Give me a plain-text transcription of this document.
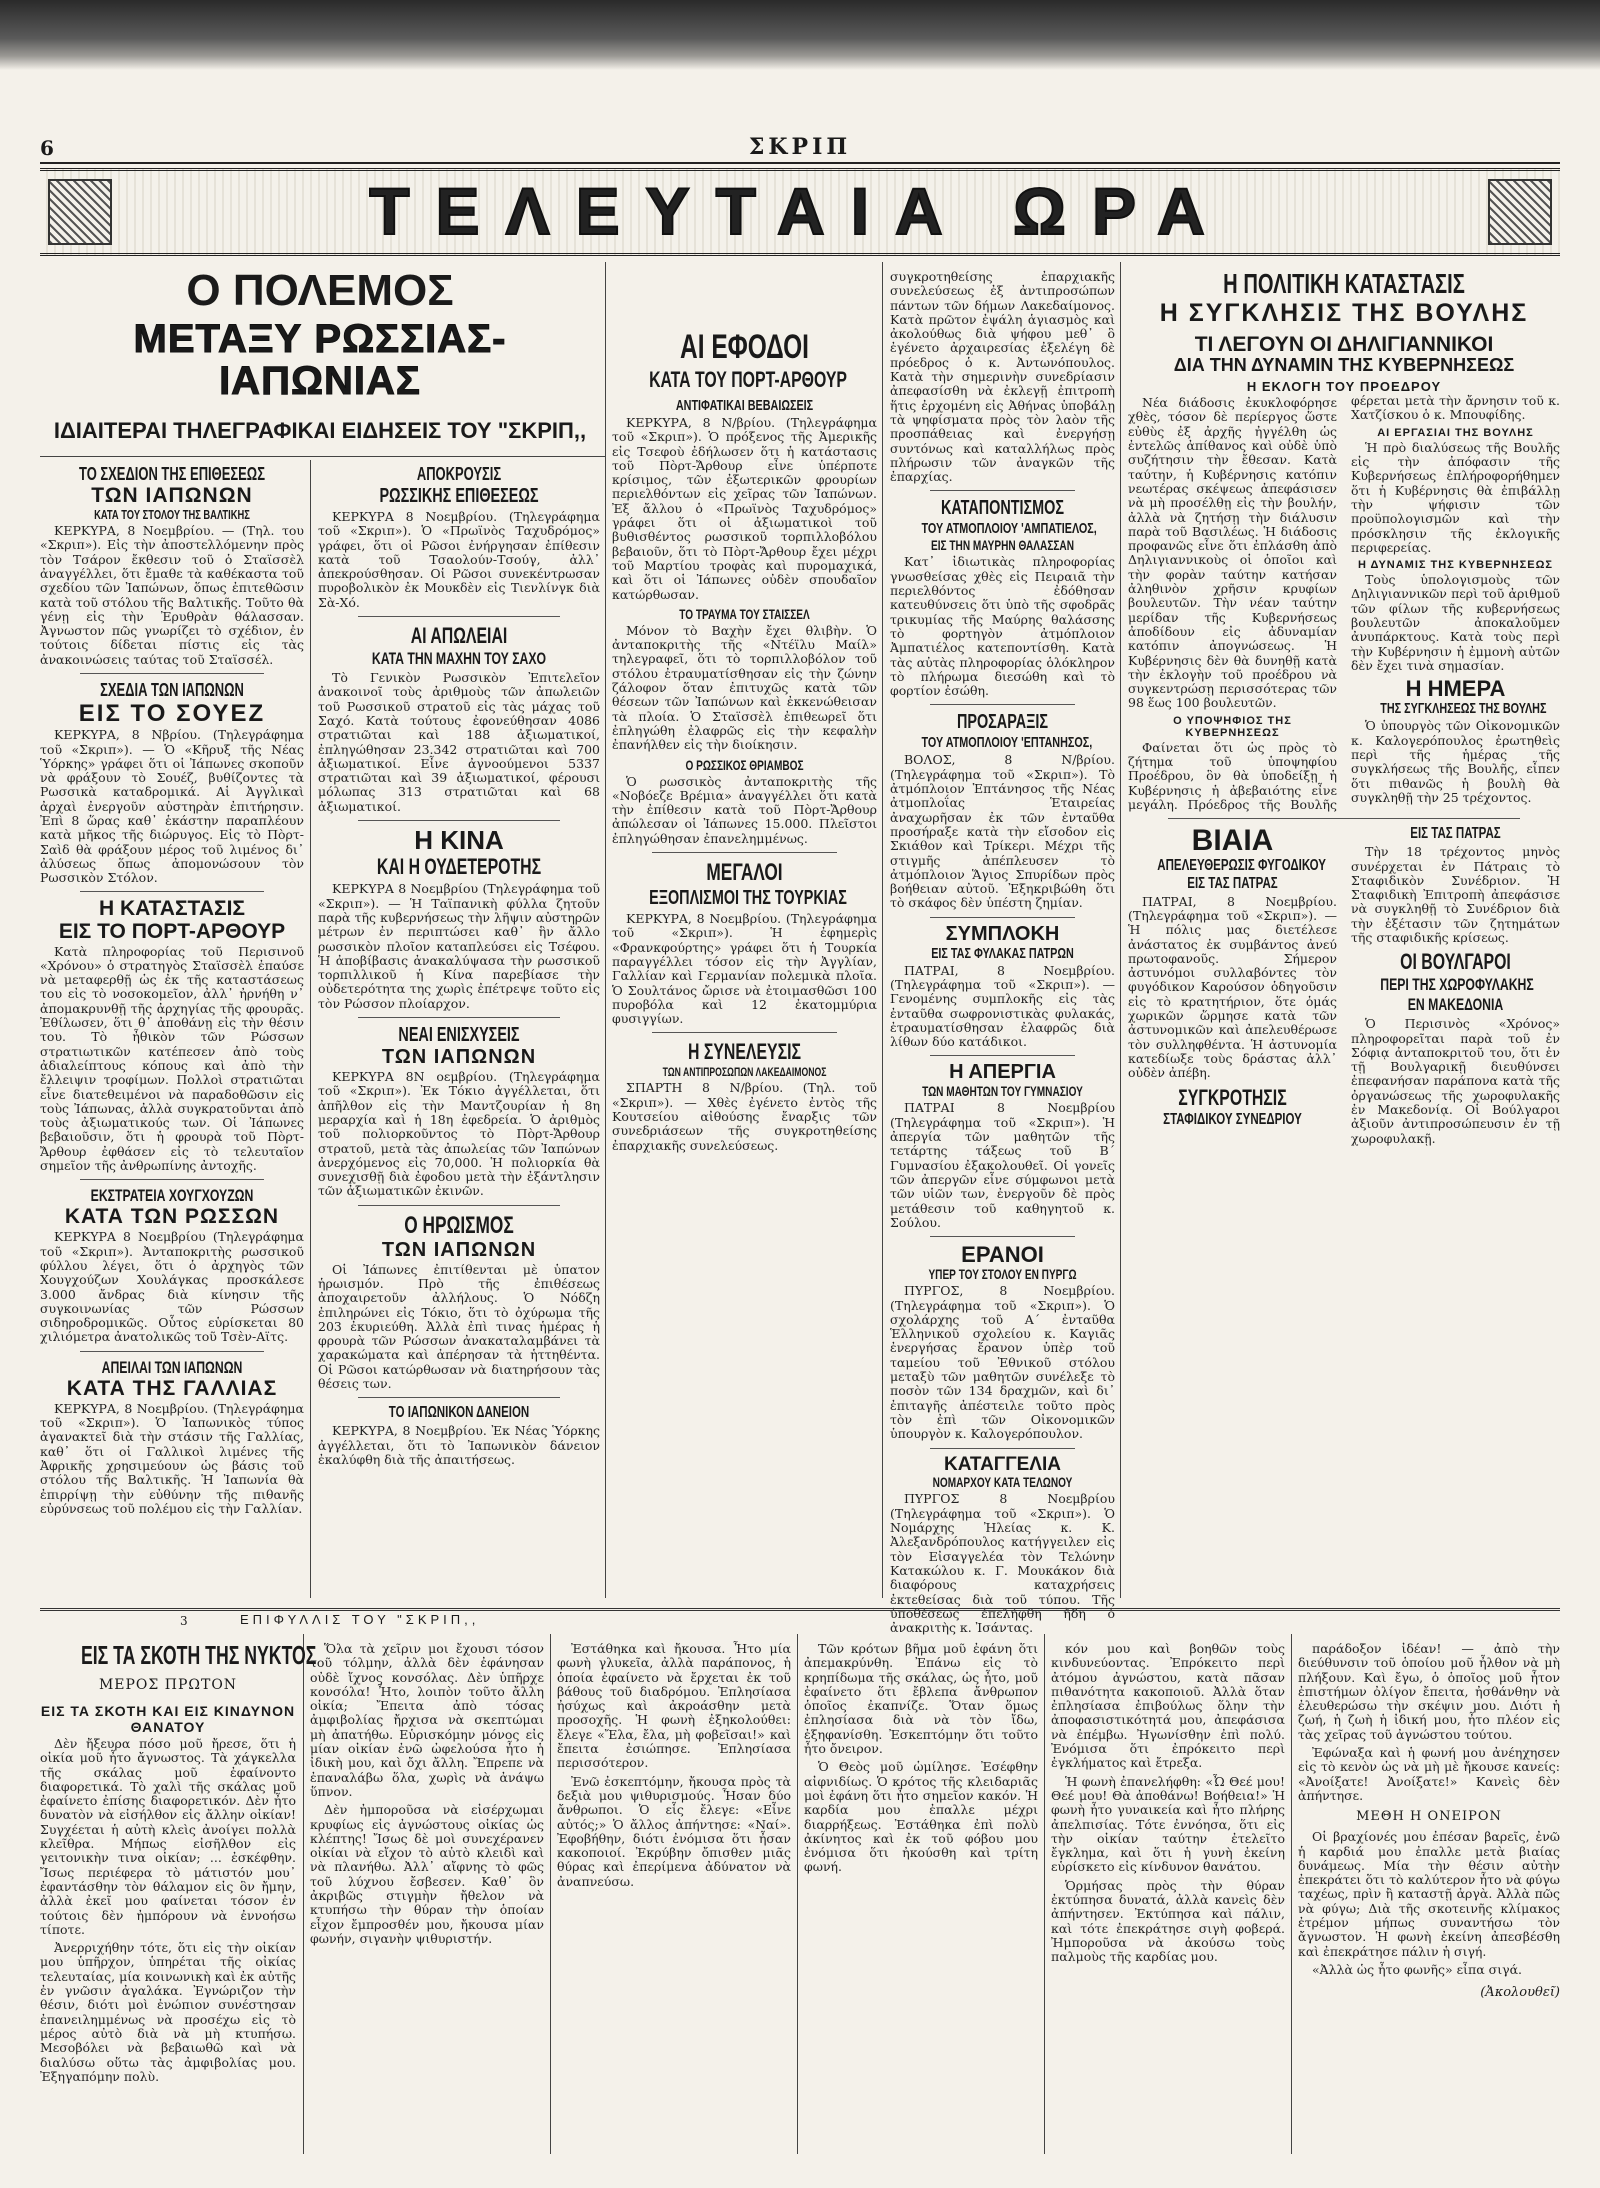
6	ΣΚΡΙΠ
ΤΕΛΕΥΤΑΙΑ ΩΡΑ
Ο ΠΟΛΕΜΟΣ
ΜΕΤΑΞΥ ΡΩΣΣΙΑΣ-ΙΑΠΩΝΙΑΣ
ΙΔΙΑΙΤΕΡΑΙ ΤΗΛΕΓΡΑΦΙΚΑΙ ΕΙΔΗΣΕΙΣ ΤΟΥ "ΣΚΡΙΠ,,
ΤΟ ΣΧΕΔΙΟΝ ΤΗΣ ΕΠΙΘΕΣΕΩΣ
ΤΩΝ ΙΑΠΩΝΩΝ
ΚΑΤΑ ΤΟΥ ΣΤΟΛΟΥ ΤΗΣ ΒΑΛΤΙΚΗΣ

ΚΕΡΚΥΡΑ, 8 Νοεμβρίου. — (Τηλ. του «Σκριπ»). Εἰς τὴν ἀποστελλόμενην πρὸς τὸν Τσάρον ἔκθεσιν τοῦ ὁ Σταϊσσὲλ ἀναγγέλλει, ὅτι ἔμαθε τὰ καθέκαστα τοῦ σχεδίου τῶν Ἰαπώνων, ὅπως ἐπιτεθῶσιν κατὰ τοῦ στόλου τῆς Βαλτικῆς. Τοῦτο θὰ γένῃ εἰς τὴν Ἐρυθρὰν θάλασσαν. Ἀγνωστον πῶς γνωρίζει τὸ σχέδιον, ἐν τούτοις δίδεται πίστις εἰς τὰς ἀνακοινώσεις ταύτας τοῦ Σταϊσσέλ.

ΣΧΕΔΙΑ ΤΩΝ ΙΑΠΩΝΩΝ
ΕΙΣ ΤΟ ΣΟΥΕΖ

ΚΕΡΚΥΡΑ, 8 Νβρίου. (Τηλεγράφημα τοῦ «Σκριπ»). — Ὁ «Κῆρυξ τῆς Νέας Ὑόρκης» γράφει ὅτι οἱ Ἰάπωνες σκοποῦν νὰ φράξουν τὸ Σουέζ, βυθίζοντες τὰ Ρωσσικὰ καταδρομικά. Αἱ Ἀγγλικαὶ ἀρχαὶ ἐνεργοῦν αὐστηρὰν ἐπιτήρησιν. Ἐπὶ 8 ὥρας καθ᾽ ἑκάστην παραπλέουν κατὰ μῆκος τῆς διώρυγος. Εἰς τὸ Πὸρτ-Σαὶδ θὰ φράξουν μέρος τοῦ λιμένος δι᾽ ἀλύσεως ὅπως ἀπομονώσουν τὸν Ρωσσικὸν Στόλον.

Η ΚΑΤΑΣΤΑΣΙΣ
ΕΙΣ ΤΟ ΠΟΡΤ-ΑΡΘΟΥΡ

Κατὰ πληροφορίας τοῦ Περισινοῦ «Χρόνου» ὁ στρατηγὸς Σταϊσσὲλ ἐπαύσε νὰ μεταφερθῇ ὡς ἐκ τῆς καταστάσεως του εἰς τὸ νοσοκομεῖον, ἀλλ᾽ ἠρνήθη ν᾽ ἀπομακρυνθῇ τῆς ἀρχηγίας τῆς φρουρᾶς. Ἐθίλωσεν, ὅτι θ᾽ ἀποθάνῃ εἰς τὴν θέσιν του. Τὸ ἦθικὸν τῶν Ρώσσων στρατιωτικῶν κατέπεσεν ἀπὸ τοὺς ἀδιαλείπτους κόπους καὶ ἀπὸ τὴν ἔλλειψιν τροφίμων. Πολλοὶ στρατιῶται εἶνε διατεθειμένοι νὰ παραδοθῶσιν εἰς τοὺς Ἰάπωνας, ἀλλὰ συγκρατοῦνται ἀπὸ τοὺς ἀξιωματικούς των. Οἱ Ἰάπωνες βεβαιοῦσιν, ὅτι ἡ φρουρὰ τοῦ Πὸρτ-Ἄρθουρ ἐφθάσεν εἰς τὸ τελευταῖον σημεῖον τῆς ἀνθρωπίνης ἀντοχῆς.

ΕΚΣΤΡΑΤΕΙΑ ΧΟΥΓΧΟΥΖΩΝ
ΚΑΤΑ ΤΩΝ ΡΩΣΣΩΝ

ΚΕΡΚΥΡΑ 8 Νοεμβρίου (Τηλεγράφημα τοῦ «Σκριπ»). Ἀνταποκριτὴς ρωσσικοῦ φύλλου λέγει, ὅτι ὁ ἀρχηγὸς τῶν Χουγχούζων Χουλάγκας προσκάλεσε 3.000 ἄνδρας διὰ κίνησιν τῆς συγκοινωνίας τῶν Ρώσσων σιδηροδρομικῶς. Οὗτος εὑρίσκεται 80 χιλιόμετρα ἀνατολικῶς τοῦ Τσὲν-Αϊτς.

ΑΠΕΙΛΑΙ ΤΩΝ ΙΑΠΩΝΩΝ
ΚΑΤΑ ΤΗΣ ΓΑΛΛΙΑΣ

ΚΕΡΚΥΡΑ, 8 Νοεμβρίου. (Τηλεγράφημα τοῦ «Σκριπ»). Ὁ Ἰαπωνικὸς τύπος ἀγανακτεῖ διὰ τὴν στάσιν τῆς Γαλλίας, καθ᾽ ὅτι οἱ Γαλλικοὶ λιμένες τῆς Ἀφρικῆς χρησιμεύουν ὡς βάσις τοῦ στόλου τῆς Βαλτικῆς. Ἡ Ἰαπωνία θὰ ἐπιρρίψῃ τὴν εὐθύνην τῆς πιθανῆς εὐρύνσεως τοῦ πολέμου εἰς τὴν Γαλλίαν.

ΑΠΟΚΡΟΥΣΙΣ
ΡΩΣΣΙΚΗΣ ΕΠΙΘΕΣΕΩΣ

ΚΕΡΚΥΡΑ 8 Νοεμβρίου. (Τηλεγράφημα τοῦ «Σκριπ»). Ὁ «Πρωϊνὸς Ταχυδρόμος» γράφει, ὅτι οἱ Ρῶσοι ἐνήργησαν ἐπίθεσιν κατὰ τοῦ Τσαολούν-Τσούγ, ἀλλ᾽ ἀπεκρούσθησαν. Οἱ Ρῶσοι συνεκέντρωσαν πυροβολικὸν ἐκ Μουκδὲν εἰς Τιενλίνγκ διὰ Σὰ-Χό.

ΑΙ ΑΠΩΛΕΙΑΙ
ΚΑΤΑ ΤΗΝ ΜΑΧΗΝ ΤΟΥ ΣΑΧΟ

Τὸ Γενικὸν Ρωσσικὸν Ἐπιτελεῖον ἀνακοινοῖ τοὺς ἀριθμοὺς τῶν ἀπωλειῶν τοῦ Ρωσσικοῦ στρατοῦ εἰς τὰς μάχας τοῦ Σαχό. Κατὰ τούτους ἐφονεύθησαν 4086 στρατιῶται καὶ 188 ἀξιωματικοί, ἐπληγώθησαν 23.342 στρατιῶται καὶ 700 ἀξιωματικοί. Εἶνε ἀγνοούμενοι 5337 στρατιῶται καὶ 39 ἀξιωματικοί, φέρουσι μόλωπας 313 στρατιῶται καὶ 68 ἀξιωματικοί.

Η ΚΙΝΑ
ΚΑΙ Η ΟΥΔΕΤΕΡΟΤΗΣ

ΚΕΡΚΥΡΑ 8 Νοεμβρίου (Τηλεγράφημα τοῦ «Σκριπ»). — Ἡ Ταϊπανικὴ φύλλα ζητοῦν παρὰ τῆς κυβερνήσεως τὴν λῆψιν αὐστηρῶν μέτρων ἐν περιπτώσει καθ᾽ ἣν ἄλλο ρωσσικὸν πλοῖον καταπλεύσει εἰς Τσέφου. Ἡ ἀποβίβασις ἀνακαλύψασα τὴν ρωσσικοῦ τορπιλλικοῦ ἡ Κίνα παρεβίασε τὴν οὐδετερότητα της χωρὶς ἐπέτρεψε τοῦτο εἰς τὸν Ρώσσον πλοίαρχον.

ΝΕΑΙ ΕΝΙΣΧΥΣΕΙΣ
ΤΩΝ ΙΑΠΩΝΩΝ

ΚΕΡΚΥΡΑ 8Ν οεμβρίου. (Τηλεγράφημα τοῦ «Σκριπ»). Ἐκ Τόκιο ἀγγέλλεται, ὅτι ἀπῆλθον εἰς τὴν Μαντζουρίαν ἡ 8η μεραρχία καὶ ἡ 18η ἐφεδρεία. Ὁ ἀριθμὸς τοῦ πολιορκοῦντος τὸ Πὸρτ-Ἄρθουρ στρατοῦ, μετὰ τὰς ἀπωλείας τῶν Ἰαπώνων ἀνερχόμενος εἰς 70,000. Ἡ πολιορκία θὰ συνεχισθῇ διὰ ἐφοδου μετὰ τὴν ἐξάντλησιν τῶν ἀξιωματικῶν ἐκινῶν.

Ο ΗΡΩΙΣΜΟΣ
ΤΩΝ ΙΑΠΩΝΩΝ

Οἱ Ἰάπωνες ἐπιτίθενται μὲ ὑπατον ἡρωισμόν. Πρὸ τῆς ἐπιθέσεως ἀποχαιρετοῦν ἀλλήλους. Ὁ Νόδζη ἐπιληρώνει εἰς Τόκιο, ὅτι τὸ ὀχύρωμα τῆς 203 ἐκυριεύθη. Ἀλλὰ ἐπὶ τινας ἡμέρας ἡ φρουρὰ τῶν Ρώσσων ἀνακαταλαμβάνει τὰ χαρακώματα καὶ ἀπέρησαν τὰ ἡττηθέντα. Οἱ Ρῶσοι κατώρθωσαν νὰ διατηρήσουν τὰς θέσεις των.

ΤΟ ΙΑΠΩΝΙΚΟΝ ΔΑΝΕΙΟΝ

ΚΕΡΚΥΡΑ, 8 Νοεμβρίου. Ἐκ Νέας Ὑόρκης ἀγγέλλεται, ὅτι τὸ Ἰαπωνικὸν δάνειον ἐκαλύφθη διὰ τῆς ἀπαιτήσεως.

ΑΙ ΕΦΟΔΟΙ
ΚΑΤΑ ΤΟΥ ΠΟΡΤ-ΑΡΘΟΥΡ
ΑΝΤΙΦΑΤΙΚΑΙ ΒΕΒΑΙΩΣΕΙΣ

ΚΕΡΚΥΡΑ, 8 Ν/βρίου. (Τηλεγράφημα τοῦ «Σκριπ»). Ὁ πρόξενος τῆς Ἀμερικῆς εἰς Τσεφοὺ ἐδήλωσεν ὅτι ἡ κατάστασις τοῦ Πὸρτ-Ἄρθουρ εἶνε ὑπέρποτε κρίσιμος, τῶν ἐξωτερικῶν φρουρίων περιελθόντων εἰς χεῖρας τῶν Ἰαπώνων. Ἐξ ἄλλου ὁ «Πρωϊνὸς Ταχυδρόμος» γράφει ὅτι οἱ ἀξιωματικοὶ τοῦ βυθισθέντος ρωσσικοῦ τορπιλλοβόλου βεβαιοῦν, ὅτι τὸ Πὸρτ-Ἄρθουρ ἔχει μέχρι τοῦ Μαρτίου τροφὰς καὶ πυρομαχικά, καὶ ὅτι οἱ Ἰάπωνες οὐδὲν σπουδαῖον κατώρθωσαν.

ΤΟ ΤΡΑΥΜΑ ΤΟΥ ΣΤΑΙΣΣΕΛ

Μόνον τὸ Βαχὴν ἔχει θλιβὴν. Ὁ ἀνταποκριτὴς τῆς «Ντέϊλυ Μαίλ» τηλεγραφεῖ, ὅτι τὸ τορπιλλοβόλον τοῦ στόλου ἐτραυματίσθησαν εἰς τὴν ζώνην ζάλοφον ὅταν ἐπιτυχῶς κατὰ τῶν θέσεων τῶν Ἰαπώνων καὶ ἐκκενώθεισαν τὰ πλοία. Ὁ Σταϊσσὲλ ἐπιθεωρεῖ ὅτι ἐπληγώθη ἐλαφρῶς εἰς τὴν κεφαλὴν ἐπανήλθεν εἰς τὴν διοίκησιν.

Ο ΡΩΣΣΙΚΟΣ ΘΡΙΑΜΒΟΣ

Ὁ ρωσσικὸς ἀνταποκριτὴς τῆς «Νοβόεζε Βρέμια» ἀναγγέλλει ὅτι κατὰ τὴν ἐπίθεσιν κατὰ τοῦ Πὸρτ-Ἄρθουρ ἀπώλεσαν οἱ Ἰάπωνες 15.000. Πλεῖστοι ἐπληγώθησαν ἐπανελημμένως.

ΜΕΓΑΛΟΙ
ΕΞΟΠΛΙΣΜΟΙ ΤΗΣ ΤΟΥΡΚΙΑΣ

ΚΕΡΚΥΡΑ, 8 Νοεμβρίου. (Τηλεγράφημα τοῦ «Σκριπ»). Ἡ ἐφημερὶς «Φρανκφούρτης» γράφει ὅτι ἡ Τουρκία παραγγέλλει τόσον εἰς τὴν Ἀγγλίαν, Γαλλίαν καὶ Γερμανίαν πολεμικὰ πλοῖα. Ὁ Σουλτάνος ὤρισε νὰ ἐτοιμασθῶσι 100 πυροβόλα καὶ 12 ἐκατομμύρια φυσιγγίων.

Η ΣΥΝΕΛΕΥΣΙΣ
ΤΩΝ ΑΝΤΙΠΡΟΣΩΠΩΝ ΛΑΚΕΔΑΙΜΟΝΟΣ

ΣΠΑΡΤΗ 8 Ν/βρίου. (Τηλ. τοῦ «Σκριπ»). — Χθὲς ἐγένετο ἐντὸς τῆς Κουτσείου αἰθούσης ἔναρξις τῶν συνεδριάσεων τῆς συγκροτηθείσης ἐπαρχιακῆς συνελεύσεως.

συγκροτηθείσης ἐπαρχιακῆς συνελεύσεως ἐξ ἀντιπροσώπων πάντων τῶν δήμων Λακεδαίμονος. Κατὰ πρῶτον ἐψάλη ἁγιασμὸς καὶ ἀκολούθως διὰ ψήφου μεθ᾽ ὃ ἐγένετο ἀρχαιρεσίας ἐξελέγη δὲ πρόεδρος ὁ κ. Ἀντωνόπουλος. Κατὰ τὴν σημερινὴν συνεδρίασιν ἀπεφασίσθη νὰ ἐκλεγῇ ἐπιτροπὴ ἥτις ἐρχομένη εἰς Ἀθήνας ὑποβάλῃ τὰ ψηφίσματα πρὸς τὸν λαὸν τῆς προσπάθειας καὶ ἐνεργήσῃ συντόνως καὶ καταλλήλως πρὸς πλήρωσιν τῶν ἀναγκῶν τῆς ἐπαρχίας.

ΚΑΤΑΠΟΝΤΙΣΜΟΣ
ΤΟΥ ΑΤΜΟΠΛΟΙΟΥ 'ΑΜΠΑΤΙΕΛΟΣ,
ΕΙΣ ΤΗΝ ΜΑΥΡΗΝ ΘΑΛΑΣΣΑΝ

Κατ᾽ ἰδιωτικὰς πληροφορίας γνωσθείσας χθὲς εἰς Πειραιᾶ τὴν περιελθόντος ἐδόθησαν κατευθύνσεις ὅτι ὑπὸ τῆς σφοδρᾶς τρικυμίας τῆς Μαύρης θαλάσσης τὸ φορτηγὸν ἀτμόπλοιον Ἀμπατιέλος κατεποντίσθη. Κατὰ τὰς αὐτὰς πληροφορίας ὁλόκληρον τὸ πλήρωμα διεσώθη καὶ τὸ φορτίον ἐσώθη.

ΠΡΟΣΑΡΑΞΙΣ
ΤΟΥ ΑΤΜΟΠΛΟΙΟΥ 'ΕΠΤΑΝΗΣΟΣ,

ΒΟΛΟΣ, 8 Ν/βρίου. (Τηλεγράφημα τοῦ «Σκριπ»). Τὸ ἀτμόπλοιον Ἑπτάνησος τῆς Νέας ἀτμοπλοΐας Ἑταιρείας ἀναχωρῆσαν ἐκ τῶν ἐνταῦθα προσήραξε κατὰ τὴν εἴσοδον εἰς Σκιάθον καὶ Τρίκερι. Μέχρι τῆς στιγμῆς ἀπέπλευσεν τὸ ἀτμόπλοιον Ἅγιος Σπυρίδων πρὸς βοήθειαν αὐτοῦ. Ἐξηκριβώθη ὅτι τὸ σκάφος δὲν ὑπέστη ζημίαν.

ΣΥΜΠΛΟΚΗ
ΕΙΣ ΤΑΣ ΦΥΛΑΚΑΣ ΠΑΤΡΩΝ

ΠΑΤΡΑΙ, 8 Νοεμβρίου. (Τηλεγράφημα τοῦ «Σκριπ»). — Γενομένης συμπλοκῆς εἰς τὰς ἐνταῦθα σωφρονιστικὰς φυλακάς, ἐτραυματίσθησαν ἐλαφρῶς διὰ λίθων δύο κατάδικοι.

Η ΑΠΕΡΓΙΑ
ΤΩΝ ΜΑΘΗΤΩΝ ΤΟΥ ΓΥΜΝΑΣΙΟΥ

ΠΑΤΡΑΙ 8 Νοεμβρίου (Τηλεγράφημα τοῦ «Σκριπ»). Ἡ ἀπεργία τῶν μαθητῶν τῆς τετάρτης τάξεως τοῦ Β΄ Γυμνασίου ἐξακολουθεῖ. Οἱ γονεῖς τῶν ἀπεργῶν εἶνε σύμφωνοι μετὰ τῶν υἱῶν των, ἐνεργοῦν δὲ πρὸς μετάθεσιν τοῦ καθηγητοῦ κ. Σούλου.

ΕΡΑΝΟΙ
ΥΠΕΡ ΤΟΥ ΣΤΟΛΟΥ ΕΝ ΠΥΡΓΩ

ΠΥΡΓΟΣ, 8 Νοεμβρίου. (Τηλεγράφημα τοῦ «Σκριπ»). Ὁ σχολάρχης τοῦ Α΄ ἐνταῦθα Ἑλληνικοῦ σχολείου κ. Καγιᾶς ἐνεργήσας ἔρανον ὑπὲρ τοῦ ταμείου τοῦ Ἐθνικοῦ στόλου μεταξὺ τῶν μαθητῶν συνέλεξε τὸ ποσὸν τῶν 134 δραχμῶν, καὶ δι᾽ ἐπιταγῆς ἀπέστειλε τοῦτο πρὸς τὸν ἐπὶ τῶν Οἰκονομικῶν ὑπουργὸν κ. Καλογερόπουλον.

ΚΑΤΑΓΓΕΛΙΑ
ΝΟΜΑΡΧΟΥ ΚΑΤΑ ΤΕΛΩΝΟΥ

ΠΥΡΓΟΣ 8 Νοεμβρίου (Τηλεγράφημα τοῦ «Σκριπ»). Ὁ Νομάρχης Ἠλείας κ. Κ. Ἀλεξανδρόπουλος κατήγγειλεν εἰς τὸν Εἰσαγγελέα τὸν Τελώνην Κατακώλου κ. Γ. Μουκάκον διὰ διαφόρους καταχρήσεις ἐκτεθείσας διὰ τοῦ τύπου. Τῆς ὑποθέσεως ἐπελήφθη ἤδη ὁ ἀνακριτὴς κ. Ἰσάντας.

Η ΠΟΛΙΤΙΚΗ ΚΑΤΑΣΤΑΣΙΣ
Η ΣΥΓΚΛΗΣΙΣ ΤΗΣ ΒΟΥΛΗΣ
ΤΙ ΛΕΓΟΥΝ ΟΙ ΔΗΛΙΓΙΑΝΝΙΚΟΙ
ΔΙΑ ΤΗΝ ΔΥΝΑΜΙΝ ΤΗΣ ΚΥΒΕΡΝΗΣΕΩΣ
Η ΕΚΛΟΓΗ ΤΟΥ ΠΡΟΕΔΡΟΥ

Νέα διάδοσις ἐκυκλοφόρησε χθὲς, τόσον δὲ περίεργος ὥστε εὐθὺς ἐξ ἀρχῆς ἠγγέλθη ὡς ἐντελῶς ἀπίθανος καὶ οὐδὲ ὑπὸ συζήτησιν τὴν ἔθεσαν. Κατὰ ταύτην, ἡ Κυβέρνησις κατόπιν νεωτέρας σκέψεως ἀπεφάσισεν νὰ μὴ προσέλθῃ εἰς τὴν βουλήν, ἀλλὰ νὰ ζητήσῃ τὴν διάλυσιν παρὰ τοῦ Βασιλέως. Ἡ διάδοσις προφανῶς εἶνε ὅτι ἐπλάσθη ἀπὸ Δηλιγιαννικοὺς οἱ ὁποῖοι καὶ τὴν φορὰν ταύτην κατήσαν ἀληθινὸν χρῆσιν κρυφίων βουλευτῶν. Τὴν νέαν ταύτην μερίδαν τῆς Κυβερνήσεως ἀποδίδουν εἰς ἀδυναμίαν κατόπιν ἀπογνώσεως. Ἡ Κυβέρνησις δὲν θὰ δυνηθῇ κατὰ τὴν ἐκλογὴν τοῦ προέδρου νὰ συγκεντρώσῃ περισσότερας τῶν 98 ἕως 100 βουλευτῶν.

Ο ΥΠΟΨΗΦΙΟΣ ΤΗΣ ΚΥΒΕΡΝΗΣΕΩΣ

Φαίνεται ὅτι ὡς πρὸς τὸ ζήτημα τοῦ ὑποψηφίου Προέδρου, ὃν θὰ ὑποδείξῃ ἡ Κυβέρνησις ἡ ἀβεβαιότης εἶνε μεγάλη. Πρόεδρος τῆς Βουλῆς φέρεται μετὰ τὴν ἄρνησιν τοῦ κ. Χατζίσκου ὁ κ. Μπουφίδης.

ΑΙ ΕΡΓΑΣΙΑΙ ΤΗΣ ΒΟΥΛΗΣ

Ἡ πρὸ διαλύσεως τῆς Βουλῆς εἰς τὴν ἀπόφασιν τῆς Κυβερνήσεως ἐπλήροφορήθημεν ὅτι ἡ Κυβέρνησις θὰ ἐπιβάλλῃ τὴν ψήφισιν τῶν προϋπολογισμῶν καὶ τὴν πρόσκλησιν τῆς ἐκλογικῆς περιφερείας.

Η ΔΥΝΑΜΙΣ ΤΗΣ ΚΥΒΕΡΝΗΣΕΩΣ

Τοὺς ὑπολογισμοὺς τῶν Δηλιγιαννικῶν περὶ τοῦ ἀριθμοῦ τῶν φίλων τῆς κυβερνήσεως βουλευτῶν ἀποκαλοῦμεν ἀνυπάρκτους. Κατὰ τοὺς περὶ τὴν Κυβέρνησιν ἡ ἐμμονὴ αὐτῶν δὲν ἔχει τινὰ σημασίαν.

Η ΗΜΕΡΑ
ΤΗΣ ΣΥΓΚΛΗΣΕΩΣ ΤΗΣ ΒΟΥΛΗΣ

Ὁ ὑπουργὸς τῶν Οἰκονομικῶν κ. Καλογερόπουλος ἐρωτηθεὶς περὶ τῆς ἡμέρας τῆς συγκλήσεως τῆς Βουλῆς, εἶπεν ὅτι πιθανῶς ἡ βουλὴ θὰ συγκληθῇ τὴν 25 τρέχοντος.

ΒΙΑΙΑ
ΑΠΕΛΕΥΘΕΡΩΣΙΣ ΦΥΓΟΔΙΚΟΥ
ΕΙΣ ΤΑΣ ΠΑΤΡΑΣ

ΠΑΤΡΑΙ, 8 Νοεμβρίου. (Τηλεγράφημα τοῦ «Σκριπ»). — Ἡ πόλις μας διετέλεσε ἀνάστατος ἐκ συμβάντος ἀνεύ πρωτοφανοῦς. Σήμερον ἀστυνόμοι συλλαβόντες τὸν φυγόδικον Καρούσον ὁδηγοῦσιν εἰς τὸ κρατητήριον, ὅτε ὁμάς χωρικῶν ὥρμησε κατὰ τῶν ἀστυνομικῶν καὶ ἀπελευθέρωσε τὸν συλληφθέντα. Ἡ ἀστυνομία κατεδίωξε τοὺς δράστας ἀλλ᾽ οὐδὲν ἀπέβη.

ΣΥΓΚΡΟΤΗΣΙΣ
ΣΤΑΦΙΔΙΚΟΥ ΣΥΝΕΔΡΙΟΥ
ΕΙΣ ΤΑΣ ΠΑΤΡΑΣ

Τὴν 18 τρέχοντος μηνὸς συνέρχεται ἐν Πάτραις τὸ Σταφιδικὸν Συνέδριον. Ἡ Σταφιδικὴ Ἐπιτροπὴ ἀπεφάσισε νὰ συγκληθῇ τὸ Συνέδριον διὰ τὴν ἐξέτασιν τῶν ζητημάτων τῆς σταφιδικῆς κρίσεως.

ΟΙ ΒΟΥΛΓΑΡΟΙ
ΠΕΡΙ ΤΗΣ ΧΩΡΟΦΥΛΑΚΗΣ
ΕΝ ΜΑΚΕΔΟΝΙΑ

Ὁ Περισινὸς «Χρόνος» πληροφορεῖται παρὰ τοῦ ἐν Σόφιᾳ ἀνταποκριτοῦ του, ὅτι ἐν τῇ Βουλγαρικῇ διευθύνσει ἐπεφανήσαν παράπονα κατὰ τῆς ὀργανώσεως τῆς χωροφυλακῆς ἐν Μακεδονίᾳ. Οἱ Βούλγαροι ἀξιοῦν ἀντιπροσώπευσιν ἐν τῇ χωροφυλακῇ.

3	ΕΠΙΦΥΛΛΙΣ ΤΟΥ "ΣΚΡΙΠ,,
ΕΙΣ ΤΑ ΣΚΟΤΗ ΤΗΣ ΝΥΚΤΟΣ
ΜΕΡΟΣ ΠΡΩΤΟΝ
ΕΙΣ ΤΑ ΣΚΟΤΗ ΚΑΙ ΕΙΣ ΚΙΝΔΥΝΟΝ ΘΑΝΑΤΟΥ

Δὲν ἤξευρα πόσο μοῦ ἤρεσε, ὅτι ἡ οἰκία μοῦ ἦτο ἄγνωστος. Τὰ χάγκελλα τῆς σκάλας μοῦ ἐφαίνοντο διαφορετικά. Τὸ χαλὶ τῆς σκάλας μοῦ ἐφαίνετο ἐπίσης διαφορετικόν. Δὲν ἦτο δυνατὸν νὰ εἰσήλθον εἰς ἄλλην οἰκίαν! Συγχέεται ἡ αὐτὴ κλεὶς ἀνοίγει πολλὰ κλεῖθρα. Μήπως εἰσῆλθον εἰς γειτονικὴν τινα οἰκίαν; ... ἐσκέφθην. Ἴσως περιέφερα τὸ μάτιστόν μου᾽ ἐφαντάσθην τὸν θάλαμον εἰς ὃν ἤμην, ἀλλὰ ἐκεῖ μου φαίνεται τόσον ἐν τούτοις δὲν ἠμπόρουν νὰ ἐννοήσω τίποτε.

Ἀνερριχήθην τότε, ὅτι εἰς τὴν οἰκίαν μου ὑπῆρχον, ὑπηρέται τῆς οἰκίας τελευταίας, μία κοινωνικὴ καὶ ἐκ αὐτῆς ἐν γνῶσιν ἀγαλάκα. Ἐγνώριζον τὴν θέσιν, διότι μοὶ ἐνώπιον συνέστησαν ἐπανειλημμένως νὰ προσέχω εἰς τὸ μέρος αὐτὸ διὰ νὰ μὴ κτυπήσω. Μεσοβόλει νὰ βεβαιωθῶ καὶ νὰ διαλύσω οὕτω τὰς ἀμφιβολίας μου. Ἐξηγαπόμην πολὺ.

Ὅλα τὰ χεῖριν μοι ἔχουσι τόσον τοῦ τόλμην, ἀλλὰ δὲν ἐφάνησαν οὐδὲ ἴχνος κονσόλας. Δὲν ὑπῆρχε κονσόλα! Ἦτο, λοιπὸν τοῦτο ἄλλη οἰκία; Ἔπειτα ἀπὸ τόσας ἀμφιβολίας ἤρχισα νὰ σκεπτώμαι μὴ ἀπατήθω. Εὑρισκόμην μόνος εἰς μίαν οἰκίαν ἐνῶ ὠφελούσα ἦτο ἡ ἰδικὴ μου, καὶ ὄχι ἄλλη. Ἔπρεπε νὰ ἐπαναλάβω ὅλα, χωρὶς νὰ ἀνάψω ὕπνον.

Δὲν ἠμποροῦσα νὰ εἰσέρχωμαι κρυφίως εἰς ἀγνώστους οἰκίας ὡς κλέπτης! Ἴσως δὲ μοὶ συνεχέρανεν οἰκίαι νὰ εἴχον τὸ αὐτὸ κλειδὶ καὶ νὰ πλανήθω. Ἀλλ᾽ αἴφνης τὸ φῶς τοῦ λύχνου ἔσβεσεν. Καθ᾽ ὃν ἀκριβῶς στιγμὴν ἤθελον νὰ κτυπήσω τὴν θύραν τὴν ὁποίαν εἶχον ἔμπροσθέν μου, ἤκουσα μίαν φωνήν, σιγανὴν ψιθυριστήν.

Ἐστάθηκα καὶ ἤκουσα. Ἦτο μία φωνὴ γλυκεῖα, ἀλλὰ παράπονος, ἡ ὁποία ἐφαίνετο νὰ ἔρχεται ἐκ τοῦ βάθους τοῦ διαδρόμου. Ἐπλησίασα ἠσύχως καὶ ἀκροάσθην μετὰ προσοχῆς. Ἡ φωνὴ ἐξηκολούθει: ἔλεγε «Ἔλα, ἔλα, μὴ φοβεῖσαι!» καὶ ἔπειτα ἐσιώπησε. Ἐπλησίασα περισσότερον.

Ἐνῶ ἐσκεπτόμην, ἤκουσα πρὸς τὰ δεξιὰ μου ψιθυρισμούς. Ἦσαν δύο ἄνθρωποι. Ὁ εἷς ἔλεγε: «Εἶνε αὐτός;» Ὁ ἄλλος ἀπήντησε: «Ναί». Ἐφοβήθην, διότι ἐνόμισα ὅτι ἦσαν κακοποιοί. Ἐκρύβην ὄπισθεν μιᾶς θύρας καὶ ἐπερίμενα ἀδύνατον νὰ ἀναπνεύσω.

Τῶν κρότων βῆμα μοῦ ἐφάνη ὅτι ἀπεμακρύνθη. Ἐπάνω εἰς τὸ κρηπίδωμα τῆς σκάλας, ὡς ἦτο, μοῦ ἐφαίνετο ὅτι ἔβλεπα ἄνθρωπον ὁποῖος ἐκαπνίζε. Ὅταν ὅμως ἐπλησίασα διὰ νὰ τὸν ἴδω, ἐξηφανίσθη. Ἐσκεπτόμην ὅτι τοῦτο ἦτο ὄνειρον.

Ὁ Θεὸς μοῦ ὡμίλησε. Ἐσέφθην αἰφνιδίως. Ὁ κρότος τῆς κλειδαριᾶς μοὶ ἐφάνη ὅτι ἦτο σημεῖον κακόν. Ἡ καρδία μου ἐπαλλε μέχρι διαρρήξεως. Ἐστάθηκα ἐπὶ πολὺ ἀκίνητος καὶ ἐκ τοῦ φόβου μου ἐνόμισα ὅτι ἠκούσθη καὶ τρίτη φωνή.

κόν μου καὶ βοηθῶν τοὺς κινδυνεύοντας. Ἐπρόκειτο περὶ ἀτόμου ἀγνώστου, κατὰ πᾶσαν πιθανότητα κακοποιοῦ. Ἀλλὰ ὅταν ἐπλησίασα ἐπιβούλως ὅλην τὴν ἀποφασιστικότητά μου, ἀπεφάσισα νὰ ἐπέμβω. Ἠγωνίσθην ἐπὶ πολύ. Ἐνόμισα ὅτι ἐπρόκειτο περὶ ἐγκλήματος καὶ ἔτρεξα.

Ἡ φωνὴ ἐπανελήφθη: «Ὦ Θεέ μου! Θεέ μου! Θὰ ἀποθάνω! Βοήθεια!» Ἡ φωνὴ ἦτο γυναικεία καὶ ἦτο πλήρης ἀπελπισίας. Τότε ἐννόησα, ὅτι εἰς τὴν οἰκίαν ταύτην ἐτελεῖτο ἔγκλημα, καὶ ὅτι ἡ γυνὴ ἐκείνη εὑρίσκετο εἰς κίνδυνον θανάτου.

Ὁρμήσας πρὸς τὴν θύραν ἐκτύπησα δυνατά, ἀλλὰ κανεὶς δὲν ἀπήντησεν. Ἐκτύπησα καὶ πάλιν, καὶ τότε ἐπεκράτησε σιγὴ φοβερά. Ἠμποροῦσα νὰ ἀκούσω τοὺς παλμοὺς τῆς καρδίας μου.

παράδοξον ἰδέαν! — ἀπὸ τὴν διεύθυνσιν τοῦ ὁποίου μοῦ ἦλθον νὰ μὴ πλήξουν. Καὶ ἔγω, ὁ ὁποῖος μοῦ ἦτον ἐπιστήμων ὀλίγον ἔπειτα, ἠσθάνθην νὰ ἐλευθερώσω τὴν σκέψιν μου. Διότι ἡ ζωή, ἡ ζωὴ ἡ ἰδική μου, ἦτο πλέον εἰς τὰς χεῖρας τοῦ ἀγνώστου τούτου.

Ἐφώναξα καὶ ἡ φωνή μου ἀνέηχησεν εἰς τὸ κενὸν ὡς νὰ μὴ μὲ ἤκουσε κανείς: «Ἀνοίξατε! Ἀνοίξατε!» Κανεὶς δὲν ἀπήντησε.

ΜΕΘΗ Η ΟΝΕΙΡΟΝ

Οἱ βραχίονές μου ἐπέσαν βαρεῖς, ἐνῶ ἡ καρδιά μου ἐπαλλε μετὰ βιαίας δυνάμεως. Μία τὴν θέσιν αὐτὴν ἐπεκράτει ὅτι τὸ καλύτερον ἦτο νὰ φύγω ταχέως, πρὶν ἢ καταστῇ ἀργὰ. Ἀλλὰ πῶς νὰ φύγω; Διὰ τῆς σκοτεινῆς κλίμακος ἐτρέμον μήπως συναντήσω τὸν ἄγνωστον. Ἡ φωνὴ ἐκείνη ἀπεσβέσθη καὶ ἐπεκράτησε πάλιν ἡ σιγή.

«Ἀλλὰ ὡς ἦτο φωνῆς» εἶπα σιγά.

(Ἀκολουθεῖ)
